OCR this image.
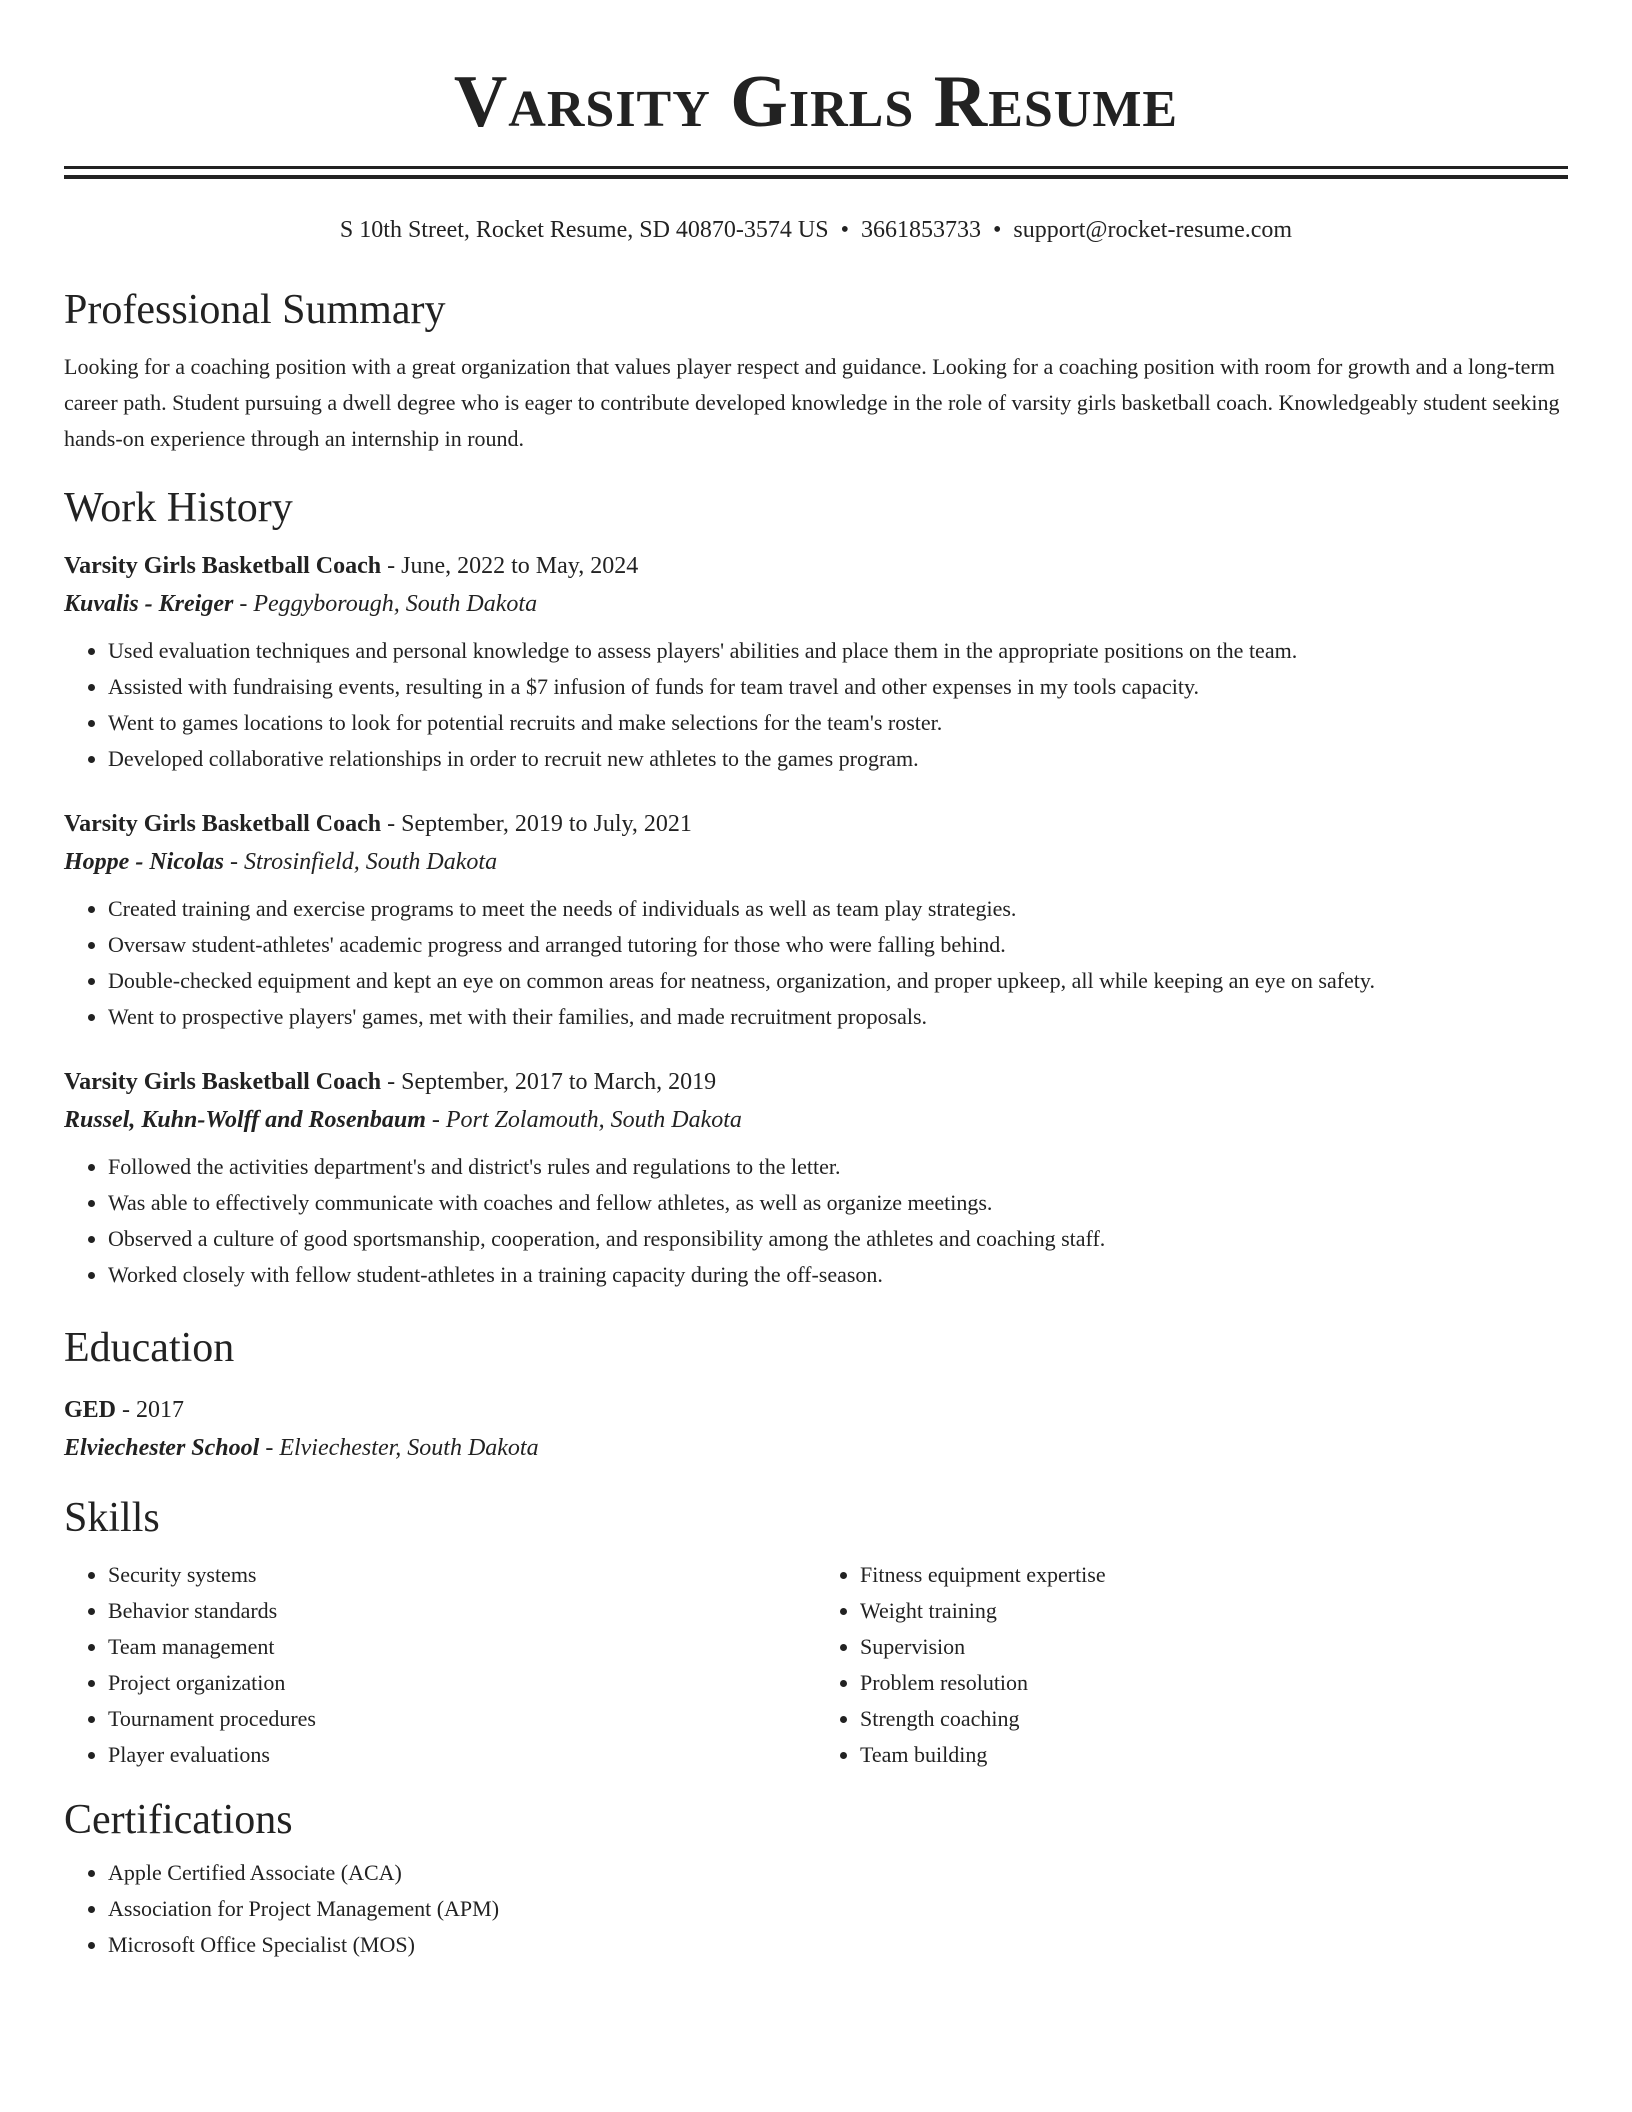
Varsity Girls Resume
S 10th Street, Rocket Resume, SD 40870-3574 US • 3661853733 • support@rocket-resume.com
Professional Summary
Looking for a coaching position with a great organization that values player respect and guidance. Looking for a coaching position with room for growth and a long-term career path. Student pursuing a dwell degree who is eager to contribute developed knowledge in the role of varsity girls basketball coach. Knowledgeably student seeking hands-on experience through an internship in round.
Work History
Varsity Girls Basketball Coach - June, 2022 to May, 2024
Kuvalis - Kreiger - Peggyborough, South Dakota
• Used evaluation techniques and personal knowledge to assess players' abilities and place them in the appropriate positions on the team.
• Assisted with fundraising events, resulting in a $7 infusion of funds for team travel and other expenses in my tools capacity.
• Went to games locations to look for potential recruits and make selections for the team's roster.
• Developed collaborative relationships in order to recruit new athletes to the games program.
Varsity Girls Basketball Coach - September, 2019 to July, 2021
Hoppe - Nicolas - Strosinfield, South Dakota
• Created training and exercise programs to meet the needs of individuals as well as team play strategies.
• Oversaw student-athletes' academic progress and arranged tutoring for those who were falling behind.
• Double-checked equipment and kept an eye on common areas for neatness, organization, and proper upkeep, all while keeping an eye on safety.
• Went to prospective players' games, met with their families, and made recruitment proposals.
Varsity Girls Basketball Coach - September, 2017 to March, 2019
Russel, Kuhn-Wolff and Rosenbaum - Port Zolamouth, South Dakota
• Followed the activities department's and district's rules and regulations to the letter.
• Was able to effectively communicate with coaches and fellow athletes, as well as organize meetings.
• Observed a culture of good sportsmanship, cooperation, and responsibility among the athletes and coaching staff.
• Worked closely with fellow student-athletes in a training capacity during the off-season.
Education
GED - 2017
Elviechester School - Elviechester, South Dakota
Skills
• Security systems
• Behavior standards
• Team management
• Project organization
• Tournament procedures
• Player evaluations
• Fitness equipment expertise
• Weight training
• Supervision
• Problem resolution
• Strength coaching
• Team building
Certifications
• Apple Certified Associate (ACA)
• Association for Project Management (APM)
• Microsoft Office Specialist (MOS)
